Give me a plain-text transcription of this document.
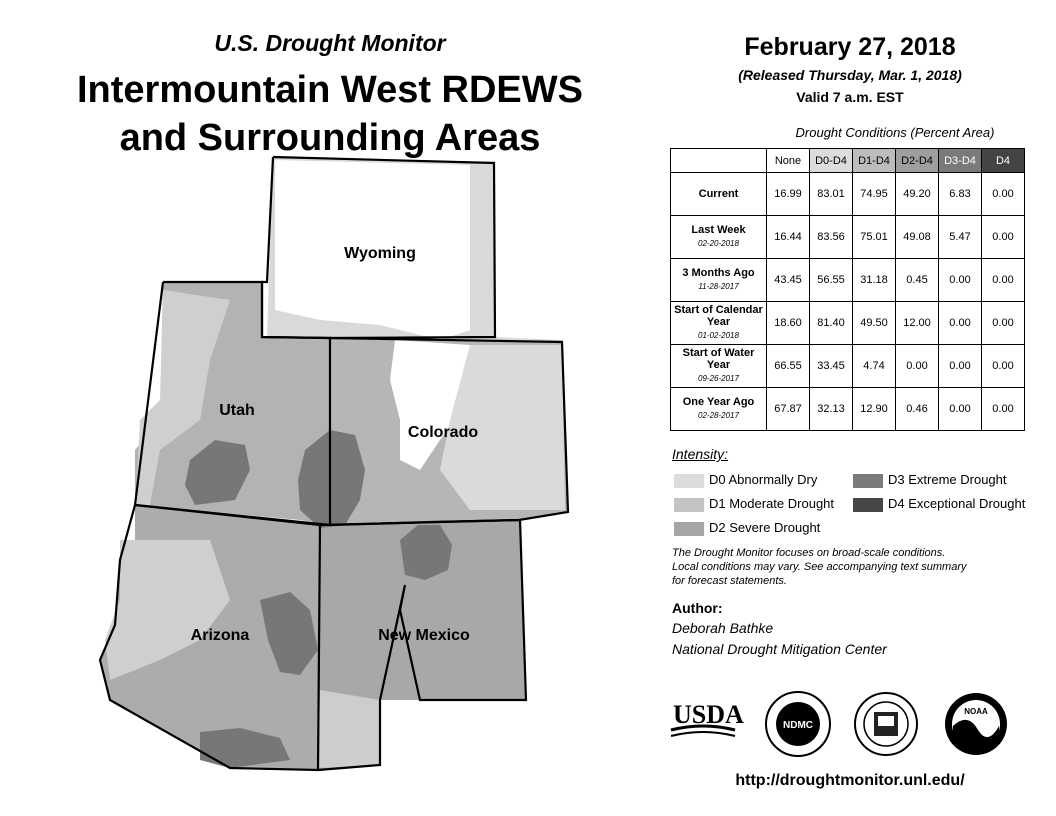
U.S. Drought Monitor
Intermountain West RDEWS
and Surrounding Areas
Wyoming
Utah
Colorado
Arizona	New Mexico
February 27, 2018
(Released Thursday, Mar. 1, 2018)
Valid 7 a.m. EST
Drought Conditions (Percent Area)
	None	D0-D4	D1-D4	D2-D4	D3-D4	D4
Current	16.99	83.01	74.95	49.20	6.83	0.00
Last Week
02-20-2018	16.44	83.56	75.01	49.08	5.47	0.00
3 Months Ago
11-28-2017	43.45	56.55	31.18	0.45	0.00	0.00
Start of Calendar Year
01-02-2018	18.60	81.40	49.50	12.00	0.00	0.00
Start of Water Year
09-26-2017	66.55	33.45	4.74	0.00	0.00	0.00
One Year Ago
02-28-2017	67.87	32.13	12.90	0.46	0.00	0.00
Intensity:
D0 Abnormally Dry
D1 Moderate Drought
D2 Severe Drought
D3 Extreme Drought
D4 Exceptional Drought
The Drought Monitor focuses on broad-scale conditions.
Local conditions may vary. See accompanying text summary
for forecast statements.
Author:
Deborah Bathke
National Drought Mitigation Center
USDA	NDMC
NOAA
http://droughtmonitor.unl.edu/
